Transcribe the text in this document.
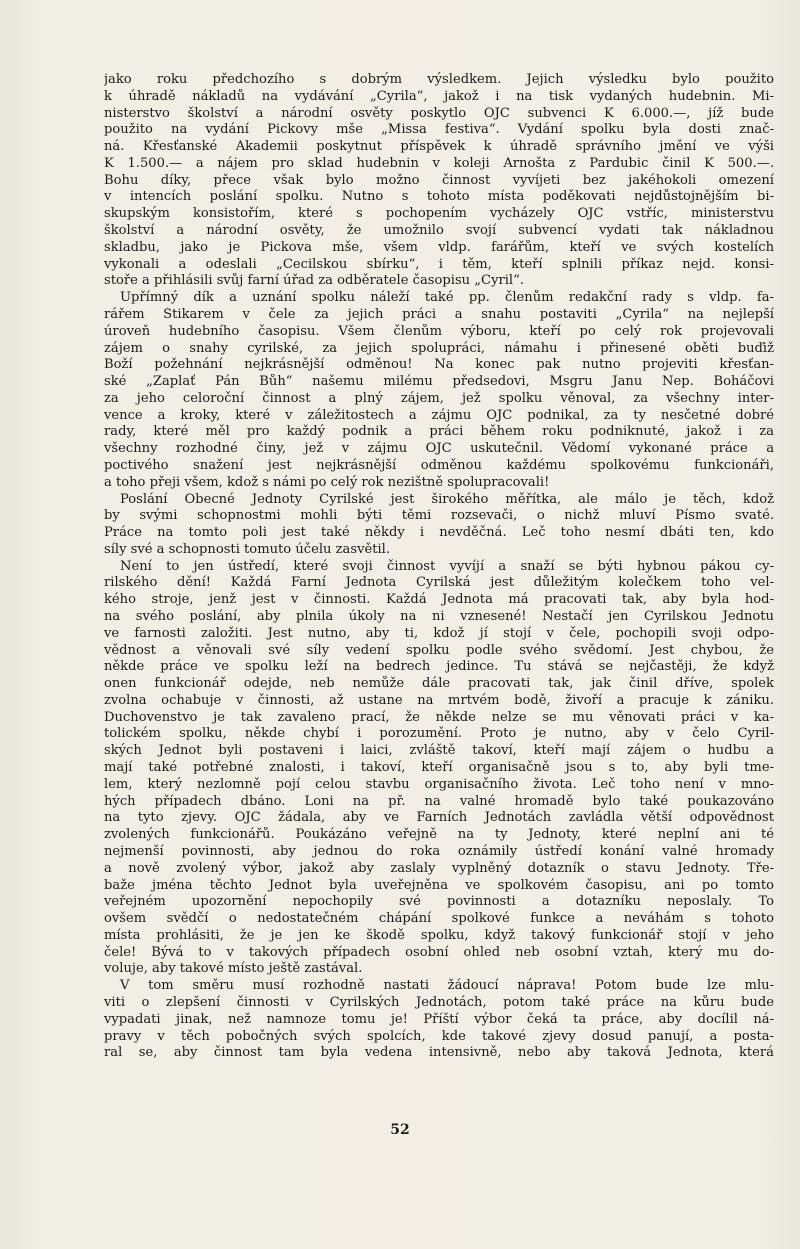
jako roku předchozího s dobrým výsledkem. Jejich výsledku bylo použito
k úhradě nákladů na vydávání „Cyrila“, jakož i na tisk vydaných hudebnin. Mi-
nisterstvo školství a národní osvěty poskytlo OJC subvenci K 6.000.—, jíž bude
použito na vydání Pickovy mše „Missa festiva“. Vydání spolku byla dosti znač-
ná. Křesťanské Akademii poskytnut příspěvek k úhradě správního jmění ve výši
K 1.500.— a nájem pro sklad hudebnin v koleji Arnošta z Pardubic činil K 500.—.
Bohu díky, přece však bylo možno činnost vyvíjeti bez jakéhokoli omezení
v intencích poslání spolku. Nutno s tohoto místa poděkovati nejdůstojnějším bi-
skupským konsistořím, které s pochopením vycházely OJC vstříc, ministerstvu
školství a národní osvěty, že umožnilo svojí subvencí vydati tak nákladnou
skladbu, jako je Pickova mše, všem vldp. farářům, kteří ve svých kostelích
vykonali a odeslali „Cecilskou sbírku“, i těm, kteří splnili příkaz nejd. konsi-
stoře a přihlásili svůj farní úřad za odběratele časopisu „Cyril“.
Upřímný dík a uznání spolku náleží také pp. členům redakční rady s vldp. fa-
rářem Štikarem v čele za jejich práci a snahu postaviti „Cyrila“ na nejlepší
úroveň hudebního časopisu. Všem členům výboru, kteří po celý rok projevovali
zájem o snahy cyrilské, za jejich spolupráci, námahu i přinesené oběti buďiž
Boží požehnání nejkrásnější odměnou! Na konec pak nutno projeviti křesťan-
ské „Zaplať Pán Bůh“ našemu milému předsedovi, Msgru Janu Nep. Boháčovi
za jeho celoroční činnost a plný zájem, jež spolku věnoval, za všechny inter-
vence a kroky, které v záležitostech a zájmu OJC podnikal, za ty nesčetné dobré
rady, které měl pro každý podnik a práci během roku podniknuté, jakož i za
všechny rozhodné činy, jež v zájmu OJC uskutečnil. Vědomí vykonané práce a
poctivého snažení jest nejkrásnější odměnou každému spolkovému funkcionáři,
a toho přeji všem, kdož s námi po celý rok nezištně spolupracovali!
Poslání Obecné Jednoty Cyrilské jest širokého měřítka, ale málo je těch, kdož
by svými schopnostmi mohli býti těmi rozsevači, o nichž mluví Písmo svaté.
Práce na tomto poli jest také někdy i nevděčná. Leč toho nesmí dbáti ten, kdo
síly své a schopnosti tomuto účelu zasvětil.
Není to jen ústředí, které svoji činnost vyvíjí a snaží se býti hybnou pákou cy-
rilského dění! Každá Farní Jednota Cyrilská jest důležitým kolečkem toho vel-
kého stroje, jenž jest v činnosti. Každá Jednota má pracovati tak, aby byla hod-
na svého poslání, aby plnila úkoly na ni vznesené! Nestačí jen Cyrilskou Jednotu
ve farnosti založiti. Jest nutno, aby ti, kdož jí stojí v čele, pochopili svoji odpo-
vědnost a věnovali své síly vedení spolku podle svého svědomí. Jest chybou, že
někde práce ve spolku leží na bedrech jedince. Tu stává se nejčastěji, že když
onen funkcionář odejde, neb nemůže dále pracovati tak, jak činil dříve, spolek
zvolna ochabuje v činnosti, až ustane na mrtvém bodě, živoří a pracuje k zániku.
Duchovenstvo je tak zavaleno prací, že někde nelze se mu věnovati práci v ka-
tolickém spolku, někde chybí i porozumění. Proto je nutno, aby v čelo Cyril-
ských Jednot byli postaveni i laici, zvláště takoví, kteří mají zájem o hudbu a
mají také potřebné znalosti, i takoví, kteří organisačně jsou s to, aby byli tme-
lem, který nezlomně pojí celou stavbu organisačního života. Leč toho není v mno-
hých případech dbáno. Loni na př. na valné hromadě bylo také poukazováno
na tyto zjevy. OJC žádala, aby ve Farních Jednotách zavládla větší odpovědnost
zvolených funkcionářů. Poukázáno veřejně na ty Jednoty, které neplní ani té
nejmenší povinnosti, aby jednou do roka oznámily ústředí konání valné hromady
a nově zvolený výbor, jakož aby zaslaly vyplněný dotazník o stavu Jednoty. Tře-
baže jména těchto Jednot byla uveřejněna ve spolkovém časopisu, ani po tomto
veřejném upozornění nepochopily své povinnosti a dotazníku neposlaly. To
ovšem svědčí o nedostatečném chápání spolkové funkce a neváhám s tohoto
místa prohlásiti, že je jen ke škodě spolku, když takový funkcionář stojí v jeho
čele! Bývá to v takových případech osobní ohled neb osobní vztah, který mu do-
voluje, aby takové místo ještě zastával.
V tom směru musí rozhodně nastati žádoucí náprava! Potom bude lze mlu-
viti o zlepšení činnosti v Cyrilských Jednotách, potom také práce na kůru bude
vypadati jinak, než namnoze tomu je! Příští výbor čeká ta práce, aby docílil ná-
pravy v těch pobočných svých spolcích, kde takové zjevy dosud panují, a posta-
ral se, aby činnost tam byla vedena intensivně, nebo aby taková Jednota, která
52
